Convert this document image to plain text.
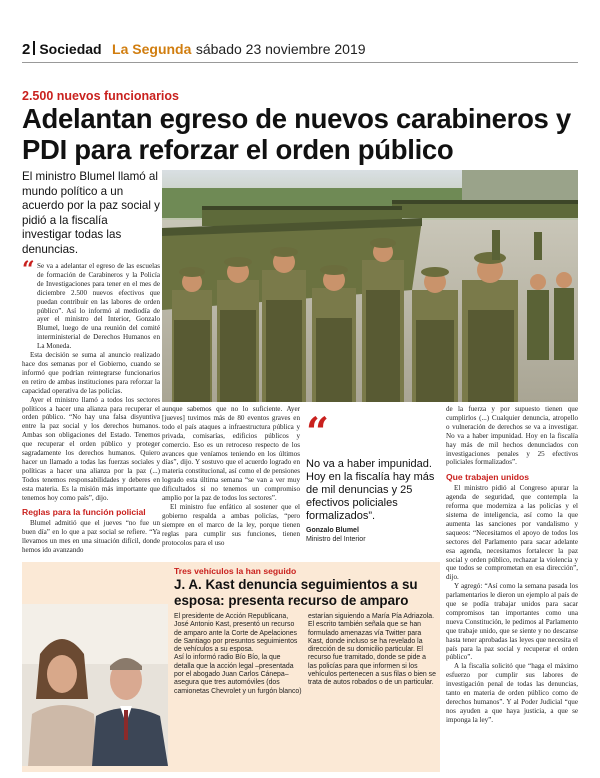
2 Sociedad La Segunda sábado 23 noviembre 2019
2.500 nuevos funcionarios
Adelantan egreso de nuevos carabineros y PDI para reforzar el orden público
El ministro Blumel llamó al mundo político a un acuerdo por la paz social y pidió a la fiscalía investigar todas las denuncias.
“ Se va a adelantar el egreso de las escuelas de formación de Carabineros y la Policía de Investigaciones para tener en el mes de diciembre 2.500 nuevos efectivos que puedan contribuir en las labores de orden público”. Así lo informó al mediodía de ayer el ministro del Interior, Gonzalo Blumel, luego de una reunión del comité interministerial de Derechos Humanos en La Moneda.

Esta decisión se suma al anuncio realizado hace dos semanas por el Gobierno, cuando se informó que podrían reintegrarse funcionarios en retiro de ambas instituciones para reforzar la capacidad operativa de las policías.

Ayer el ministro llamó a todos los sectores políticos a hacer una alianza para recuperar el orden público. “No hay una falsa disyuntiva entre la paz social y los derechos humanos. Ambas son obligaciones del Estado. Tenemos que recuperar el orden público y proteger sagradamente los derechos humanos. Quiero hacer un llamado a todas las fuerzas sociales y políticas a hacer una alianza por la paz (...) Todos tenemos responsabilidades y deberes en esta materia. Es la misión más importante que tenemos hoy como país”, dijo.

Reglas para la función policial

Blumel admitió que el jueves “no fue un buen día” en lo que a paz social se refiere. “Ya llevamos un mes en una situación difícil, donde hemos ido avanzando

aunque sabemos que no lo suficiente. Ayer [jueves] tuvimos más de 80 eventos graves en todo el país ataques a infraestructura pública y privada, comisarías, edificios públicos y comercio. Eso es un retroceso respecto de los avances que veníamos teniendo en los últimos días”, dijo. Y sostuvo que el acuerdo logrado en materia constitucional, así como el de pensiones logrado esta última semana “se van a ver muy dificultados si no tenemos un compromiso amplio por la paz de todos los sectores”.

El ministro fue enfático al sostener que el gobierno respalda a ambas policías, “pero siempre en el marco de la ley, porque tienen reglas para cumplir sus funciones, tienen protocolos para el uso

“
No va a haber impunidad. Hoy en la fiscalía hay más de mil denuncias y 25 efectivos policiales formalizados”.
Gonzalo Blumel
Ministro del Interior

de la fuerza y por supuesto tienen que cumplirlos (...) Cualquier denuncia, atropello o vulneración de derechos se va a investigar. No va a haber impunidad. Hoy en la fiscalía hay más de mil hechos denunciados con investigaciones penales y 25 efectivos policiales formalizados”.

Que trabajen unidos

El ministro pidió al Congreso apurar la agenda de seguridad, que contempla la reforma que moderniza a las policías y el sistema de inteligencia, así como la que aumenta las sanciones por vandalismo y saqueos: “Necesitamos el apoyo de todos los sectores del Parlamento para sacar adelante esa agenda, necesitamos fortalecer la paz social y orden público, rechazar la violencia y que todos se comprometan en esa dirección”, dijo.

Y agregó: “Así como la semana pasada los parlamentarios le dieron un ejemplo al país de que se podía trabajar unidos para sacar compromisos tan importantes como una nueva Constitución, le pedimos al Parlamento que trabaje unido, que se siente y no descanse hasta tener aprobadas las leyes que necesita el país para la paz social y recuperar el orden público”.

A la fiscalía solicitó que “haga el máximo esfuerzo por cumplir sus labores de investigación penal de todas las denuncias, tanto en materia de orden público como de derechos humanos”. Y al Poder Judicial “que nos ayuden a que haya justicia, a que se imponga la ley”.

Tres vehículos la han seguido
J. A. Kast denuncia seguimientos a su esposa: presenta recurso de amparo

El presidente de Acción Republicana, José Antonio Kast, presentó un recurso de amparo ante la Corte de Apelaciones de Santiago por presuntos seguimientos de vehículos a su esposa.

Así lo informó radio Bío Bío, la que detalla que la acción legal –presentada por el abogado Juan Carlos Cánepa– asegura que tres automóviles (dos camionetas Chevrolet y un furgón blanco) estarían siguiendo a María Pía Adriazola. El escrito también señala que se han formulado amenazas vía Twitter para Kast, donde incluso se ha revelado la dirección de su domicilio particular. El recurso fue tramitado, donde se pide a las policías para que informen si los vehículos pertenecen a sus filas o bien se trata de autos robados o de un particular.
